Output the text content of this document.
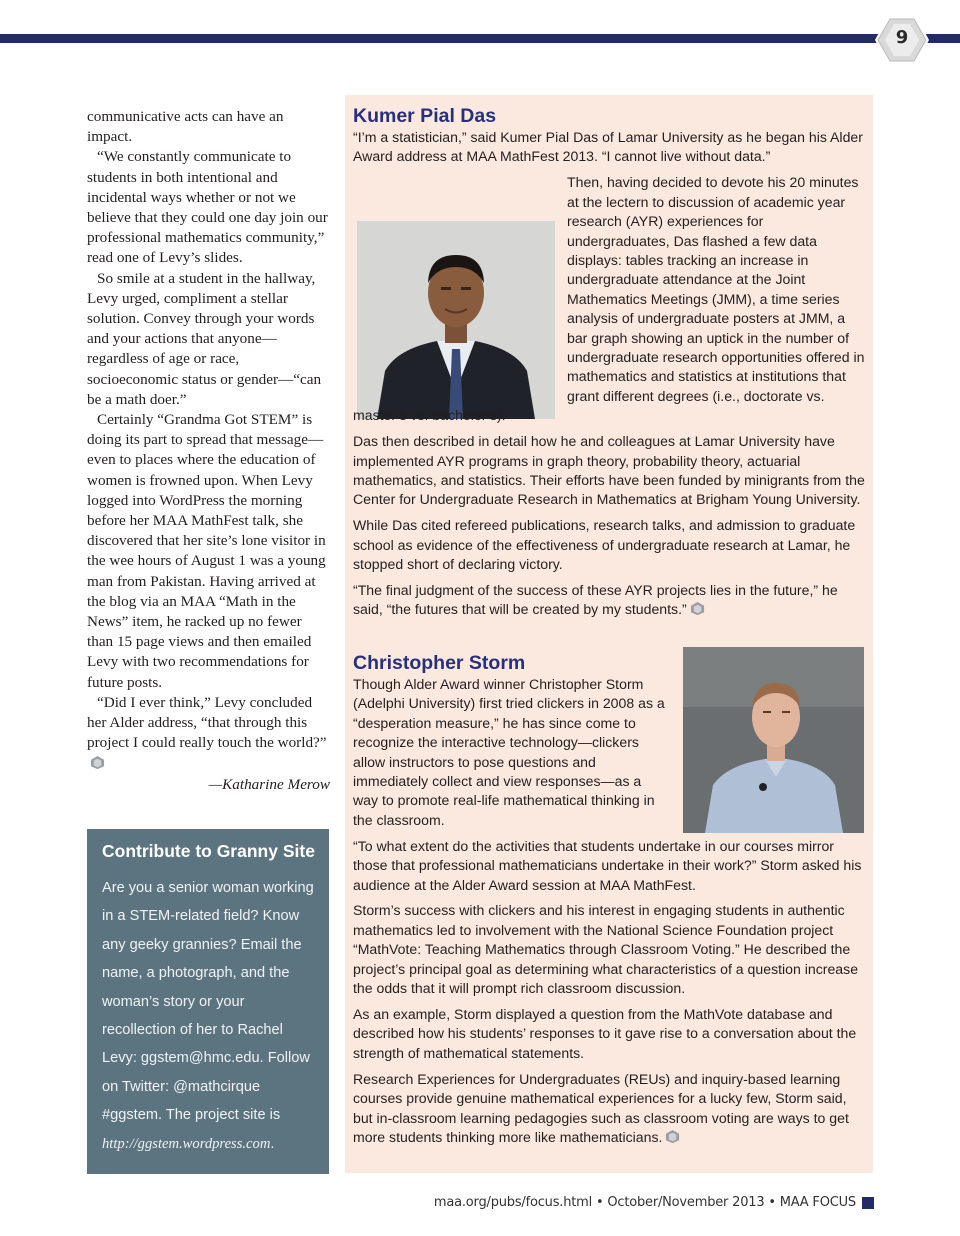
9

communicative acts can have an impact.

“We constantly communicate to students in both intentional and incidental ways whether or not we believe that they could one day join our professional mathematics community,” read one of Levy’s slides.

So smile at a student in the hallway, Levy urged, compliment a stellar solution. Convey through your words and your actions that anyone—regardless of age or race, socioeconomic status or gender—“can be a math doer.”

Certainly “Grandma Got STEM” is doing its part to spread that message—even to places where the education of women is frowned upon. When Levy logged into WordPress the morning before her MAA MathFest talk, she discovered that her site’s lone visitor in the wee hours of August 1 was a young man from Pakistan. Having arrived at the blog via an MAA “Math in the News” item, he racked up no fewer than 15 page views and then emailed Levy with two recommendations for future posts.

“Did I ever think,” Levy concluded her Alder address, “that through this project I could really touch the world?”

—Katharine Merow

Contribute to Granny Site

Are you a senior woman working in a STEM-related field? Know any geeky grannies? Email the name, a photograph, and the woman’s story or your recollection of her to Rachel Levy: ggstem@hmc.edu. Follow on Twitter: @mathcirque #ggstem. The project site is http://ggstem.wordpress.com.

Kumer Pial Das

“I’m a statistician,” said Kumer Pial Das of Lamar University as he began his Alder Award address at MAA MathFest 2013. “I cannot live without data.”

Then, having decided to devote his 20 minutes at the lectern to discussion of academic year research (AYR) experiences for undergraduates, Das flashed a few data displays: tables tracking an increase in undergraduate attendance at the Joint Mathematics Meetings (JMM), a time series analysis of undergraduate posters at JMM, a bar graph showing an uptick in the number of undergraduate research opportunities offered in mathematics and statistics at institutions that grant different degrees (i.e., doctorate vs. master’s vs. bachelor’s).

Das then described in detail how he and colleagues at Lamar University have implemented AYR programs in graph theory, probability theory, actuarial mathematics, and statistics. Their efforts have been funded by minigrants from the Center for Undergraduate Research in Mathematics at Brigham Young University.

While Das cited refereed publications, research talks, and admission to graduate school as evidence of the effectiveness of undergraduate research at Lamar, he stopped short of declaring victory.

“The final judgment of the success of these AYR projects lies in the future,” he said, “the futures that will be created by my students.”

Christopher Storm

Though Alder Award winner Christopher Storm (Adelphi University) first tried clickers in 2008 as a “desperation measure,” he has since come to recognize the interactive technology—clickers allow instructors to pose questions and immediately collect and view responses—as a way to promote real-life mathematical thinking in the classroom.

“To what extent do the activities that students undertake in our courses mirror those that professional mathematicians undertake in their work?” Storm asked his audience at the Alder Award session at MAA MathFest.

Storm’s success with clickers and his interest in engaging students in authentic mathematics led to involvement with the National Science Foundation project “MathVote: Teaching Mathematics through Classroom Voting.” He described the project’s principal goal as determining what characteristics of a question increase the odds that it will prompt rich classroom discussion.

As an example, Storm displayed a question from the MathVote database and described how his students’ responses to it gave rise to a conversation about the strength of mathematical statements.

Research Experiences for Undergraduates (REUs) and inquiry-based learning courses provide genuine mathematical experiences for a lucky few, Storm said, but in-classroom learning pedagogies such as classroom voting are ways to get more students thinking more like mathematicians.

maa.org/pubs/focus.html • October/November 2013 • MAA FOCUS
